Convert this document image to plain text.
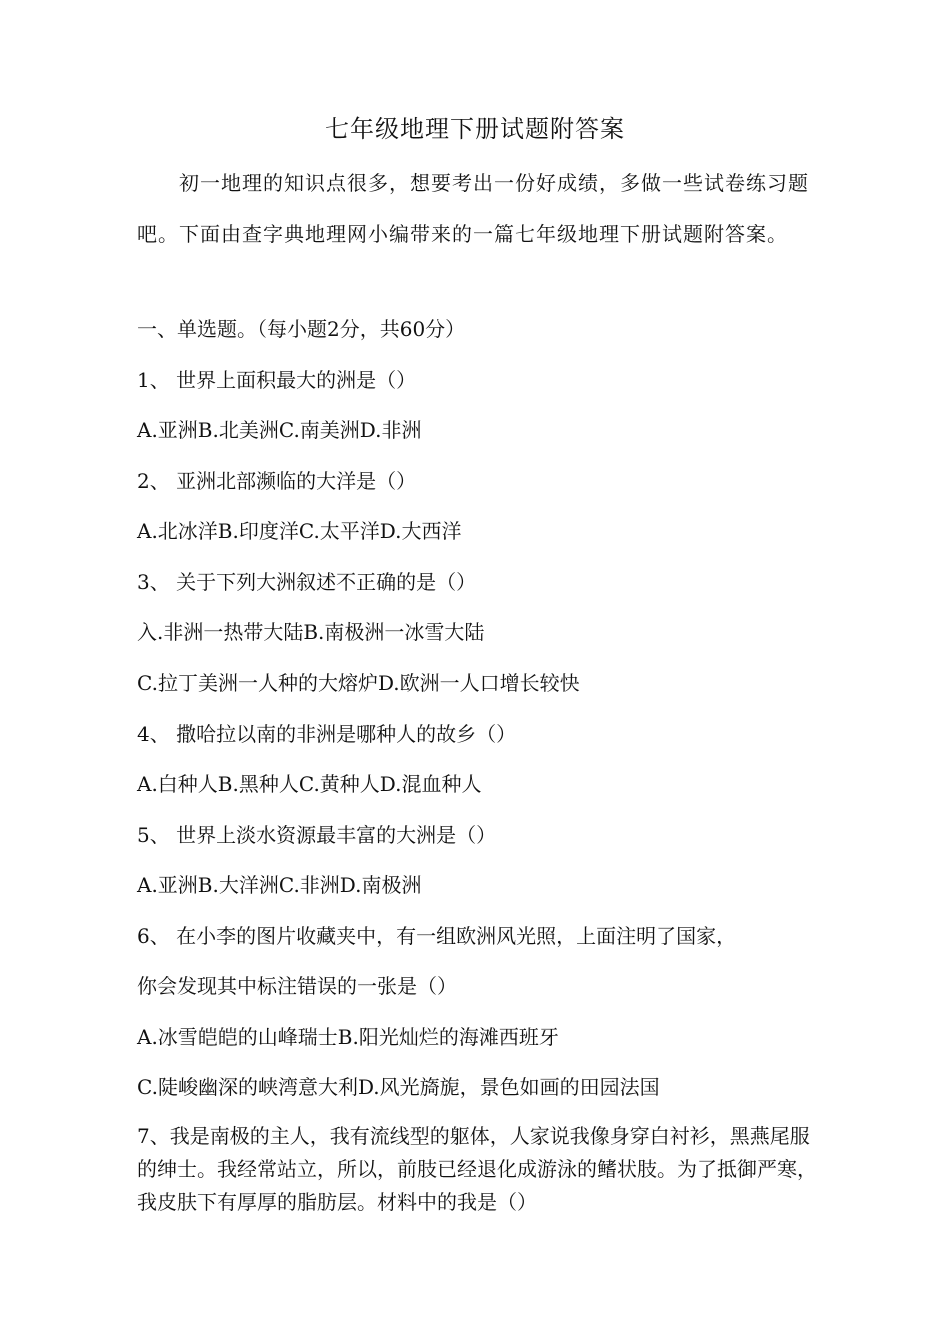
七年级地理下册试题附答案
初一地理的知识点很多，想要考出一份好成绩，多做一些试卷练习题吧。下面由查字典地理网小编带来的一篇七年级地理下册试题附答案。
一、单选题。（每小题2分，共60分）
1、 世界上面积最大的洲是（）
A.亚洲B.北美洲C.南美洲D.非洲
2、 亚洲北部濒临的大洋是（）
A.北冰洋B.印度洋C.太平洋D.大西洋
3、 关于下列大洲叙述不正确的是（）
入.非洲一热带大陆B.南极洲一冰雪大陆
C.拉丁美洲一人种的大熔炉D.欧洲一人口增长较快
4、 撒哈拉以南的非洲是哪种人的故乡（）
A.白种人B.黑种人C.黄种人D.混血种人
5、 世界上淡水资源最丰富的大洲是（）
A.亚洲B.大洋洲C.非洲D.南极洲
6、 在小李的图片收藏夹中，有一组欧洲风光照，上面注明了国家，
你会发现其中标注错误的一张是（）
A.冰雪皑皑的山峰瑞士B.阳光灿烂的海滩西班牙
C.陡峻幽深的峡湾意大利D.风光旖旎，景色如画的田园法国
7、我是南极的主人，我有流线型的躯体，人家说我像身穿白衬衫，黑燕尾服的绅士。我经常站立，所以，前肢已经退化成游泳的鳍状肢。为了抵御严寒，我皮肤下有厚厚的脂肪层。材料中的我是（）
